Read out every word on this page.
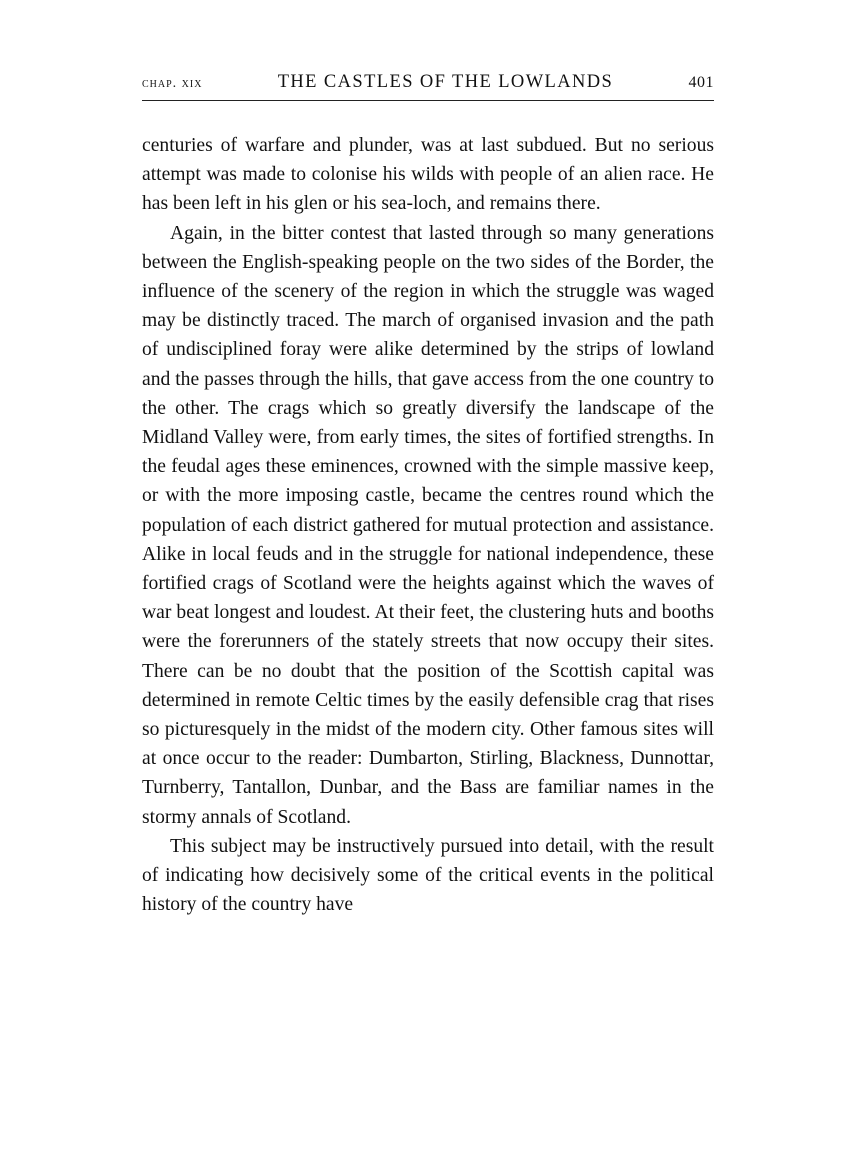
chap. xix	THE CASTLES OF THE LOWLANDS	401

centuries of warfare and plunder, was at last subdued. But no serious attempt was made to colonise his wilds with people of an alien race. He has been left in his glen or his sea-loch, and remains there.

Again, in the bitter contest that lasted through so many generations between the English-speaking people on the two sides of the Border, the influence of the scenery of the region in which the struggle was waged may be distinctly traced. The march of organised invasion and the path of undisciplined foray were alike determined by the strips of lowland and the passes through the hills, that gave access from the one country to the other. The crags which so greatly diversify the landscape of the Midland Valley were, from early times, the sites of fortified strengths. In the feudal ages these eminences, crowned with the simple massive keep, or with the more imposing castle, became the centres round which the population of each district gathered for mutual protection and assistance. Alike in local feuds and in the struggle for national independence, these fortified crags of Scotland were the heights against which the waves of war beat longest and loudest. At their feet, the clustering huts and booths were the forerunners of the stately streets that now occupy their sites. There can be no doubt that the position of the Scottish capital was determined in remote Celtic times by the easily defensible crag that rises so picturesquely in the midst of the modern city. Other famous sites will at once occur to the reader: Dumbarton, Stirling, Blackness, Dunnottar, Turnberry, Tantallon, Dunbar, and the Bass are familiar names in the stormy annals of Scotland.

This subject may be instructively pursued into detail, with the result of indicating how decisively some of the critical events in the political history of the country have
